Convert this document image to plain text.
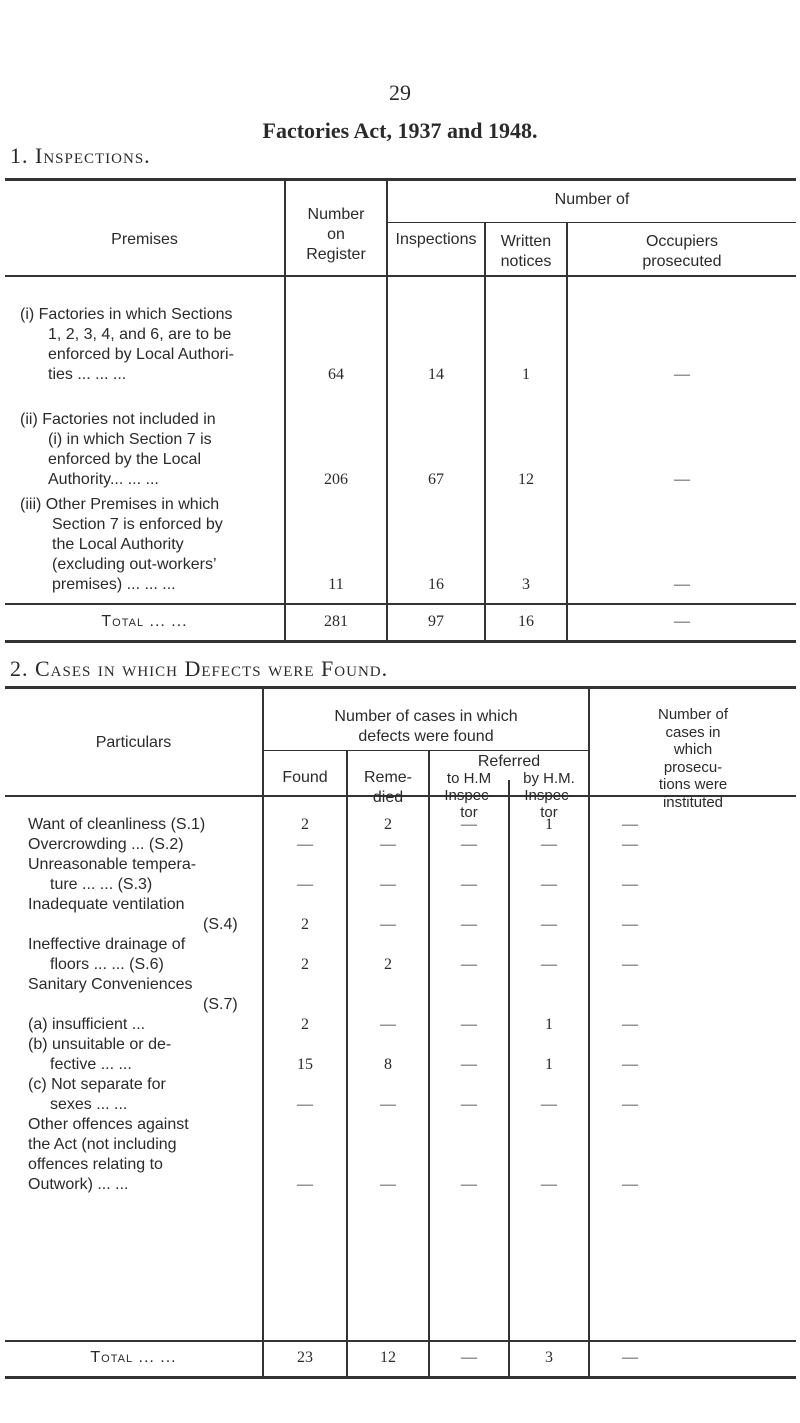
29
Factories Act, 1937 and 1948.
1. Inspections.
Premises
Number
on
Register
Number of
Inspections	Written
notices
Occupiers
prosecuted
(i) Factories in which Sections
1, 2, 3, 4, and 6, are to be
enforced by Local Authori-
ties ... ... ...	64	14	1	—
(ii) Factories not included in
(i) in which Section 7 is
enforced by the Local
Authority... ... ...	206	67	12	—
(iii) Other Premises in which
Section 7 is enforced by
the Local Authority
(excluding out-workers’
premises) ... ... ...	11	16	3	—
Total ... ...	281	97	16	—
2. Cases in which Defects were Found.
Particulars
Number of cases in which
defects were found
Found	Reme-
died
Referred
to H.M
Inspec-
tor
by H.M.
Inspec-
tor
Number of
cases in
which
prosecu-
tions were
instituted
Want of cleanliness (S.1)	2	2	—	1	—
Overcrowding ... (S.2)	—	—	—	—	—
Unreasonable tempera-
ture ... ... (S.3)	—	—	—	—	—
Inadequate ventilation
(S.4)	2	—	—	—	—
Ineffective drainage of
floors ... ... (S.6)	2	2	—	—	—
Sanitary Conveniences
(S.7)
(a) insufficient ...	2	—	—	1	—
(b) unsuitable or de-
fective ... ...	15	8	—	1	—
(c) Not separate for
sexes ... ...	—	—	—	—	—
Other offences against
the Act (not including
offences relating to
Outwork) ... ...	—	—	—	—	—
Total ... ...	23	12	—	3	—
